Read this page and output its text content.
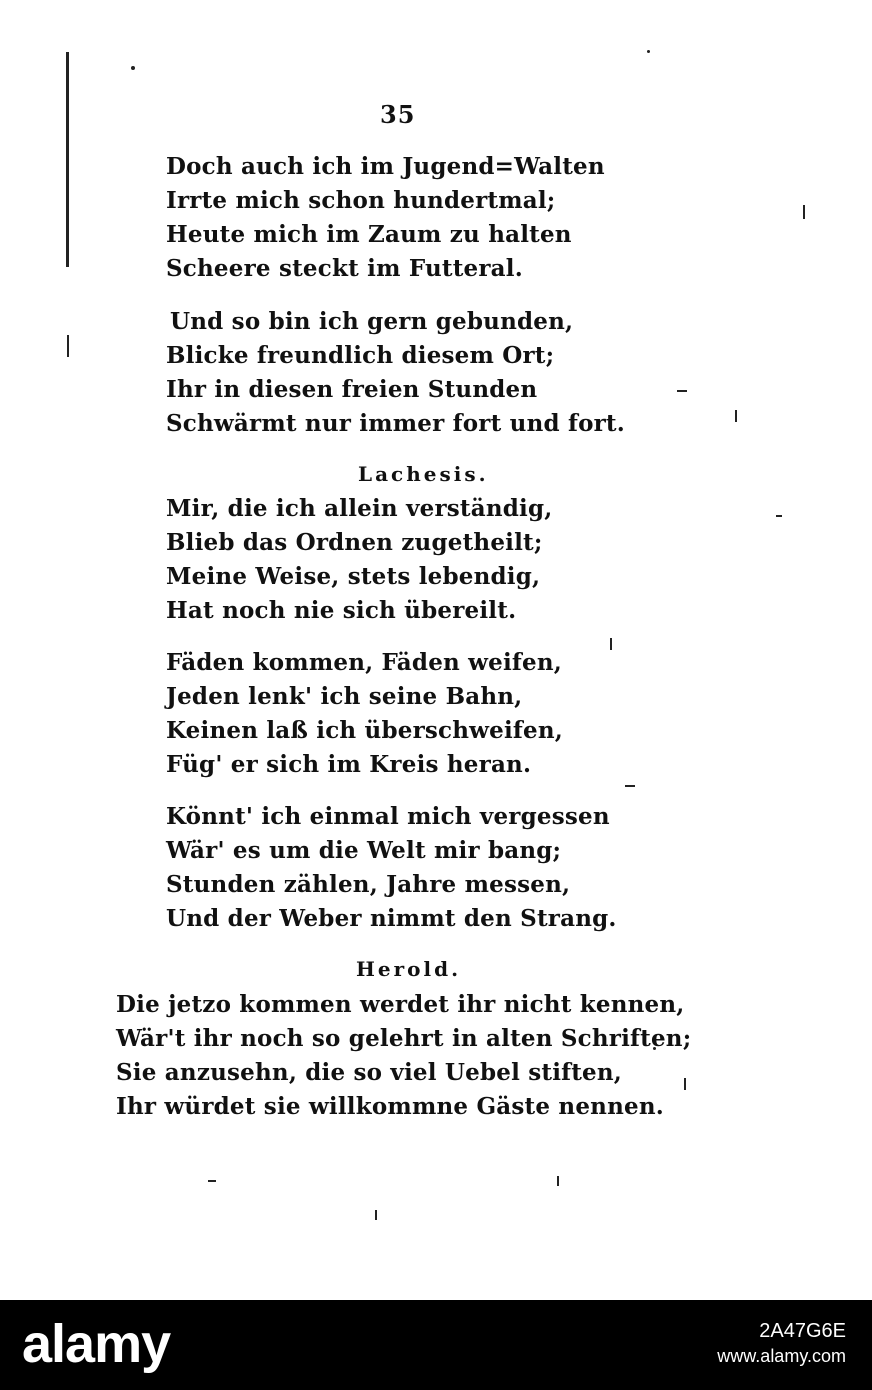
35
Doch auch ich im Jugend=Walten
Irrte mich schon hundertmal;
Heute mich im Zaum zu halten
Scheere steckt im Futteral.
Und so bin ich gern gebunden,
Blicke freundlich diesem Ort;
Ihr in diesen freien Stunden
Schwärmt nur immer fort und fort.
Lachesis.
Mir, die ich allein verständig,
Blieb das Ordnen zugetheilt;
Meine Weise, stets lebendig,
Hat noch nie sich übereilt.
Fäden kommen, Fäden weifen,
Jeden lenk' ich seine Bahn,
Keinen laß ich überschweifen,
Füg' er sich im Kreis heran.
Könnt' ich einmal mich vergessen
Wär' es um die Welt mir bang;
Stunden zählen, Jahre messen,
Und der Weber nimmt den Strang.
Herold.
Die jetzo kommen werdet ihr nicht kennen,
Wär't ihr noch so gelehrt in alten Schriften;
Sie anzusehn, die so viel Uebel stiften,
Ihr würdet sie willkommne Gäste nennen.
alamy	2A47G6E
www.alamy.com
